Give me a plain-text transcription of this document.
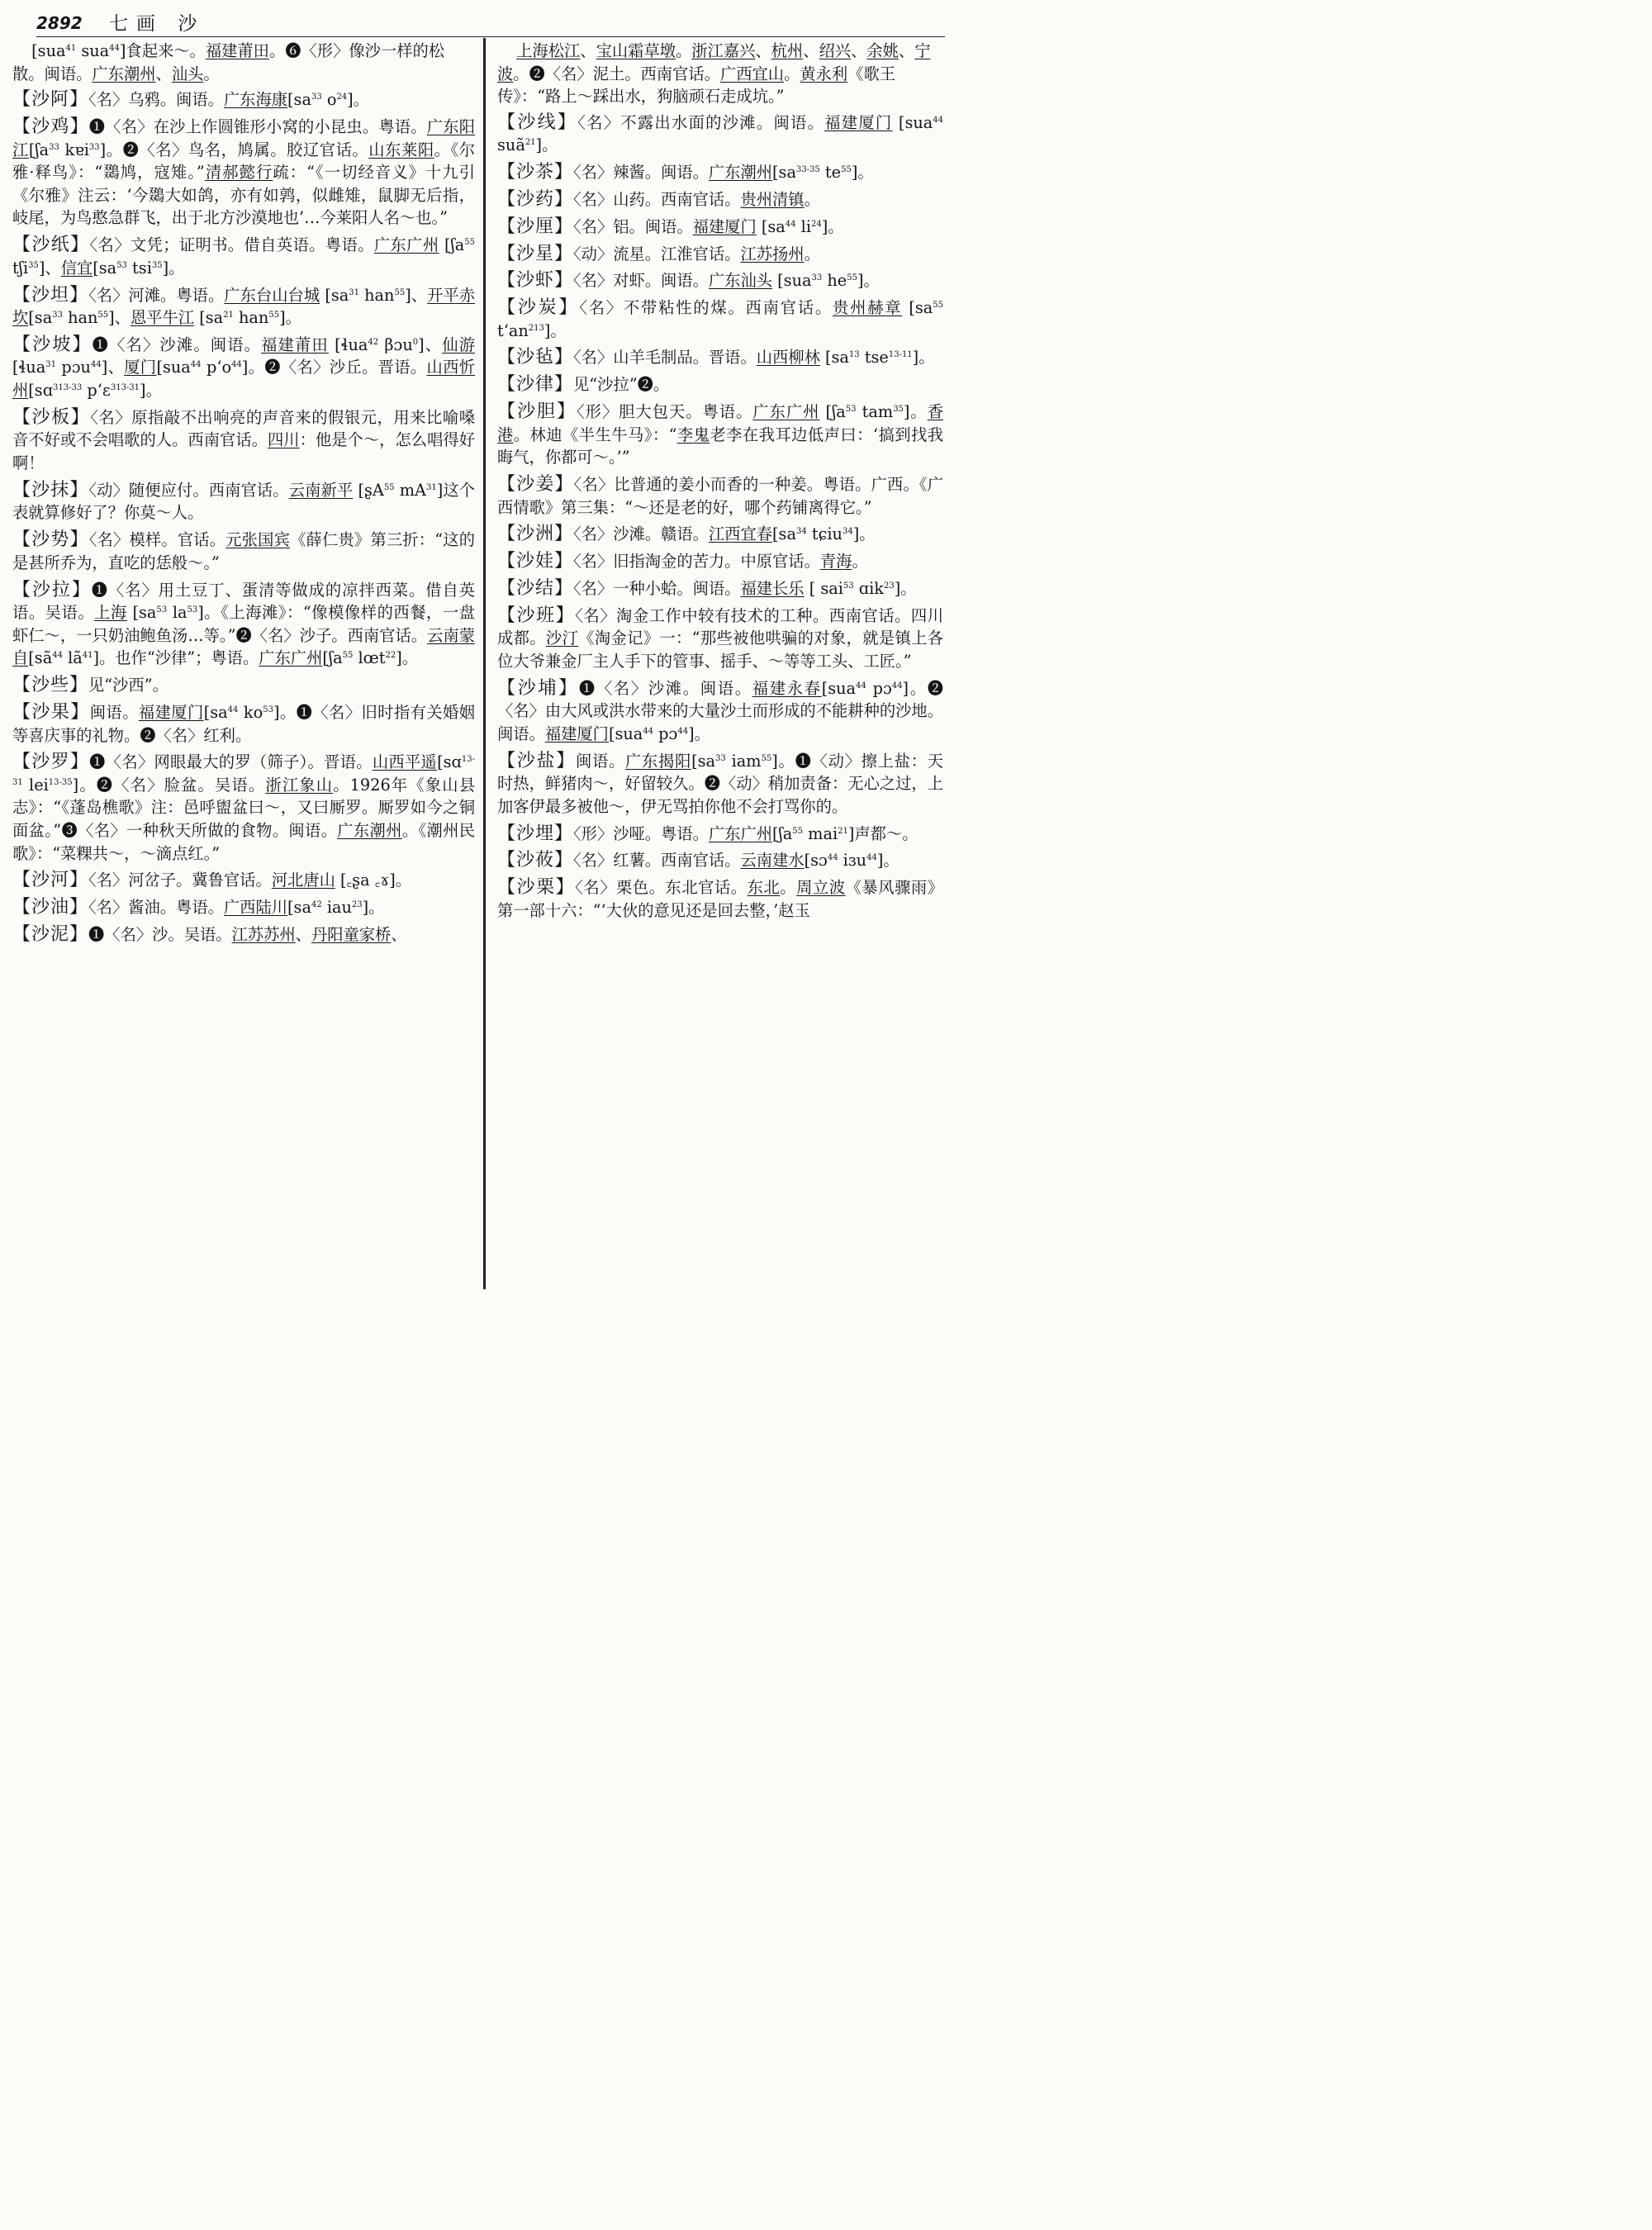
2892 七画 沙

[sua$^{41}$ sua$^{44}$]食起来～。福建莆田。❻〈形〉像沙一样的松散。闽语。广东潮州、汕头。

【沙阿】〈名〉乌鸦。闽语。广东海康[$sa^{33}$ $o^{24}$]。

【沙鸡】❶〈名〉在沙上作圆锥形小窝的小昆虫。粤语。广东阳江[ʃa$^{33}$ kɐi$^{33}$]。❷〈名〉鸟名，鸠属。胶辽官话。山东莱阳。《尔雅·释鸟》：“鵽鸠，寇雉。”清郝懿行疏：“《一切经音义》十九引《尔雅》注云：‘今鵽大如鸽，亦有如鹑，似雌雉，鼠脚无后指，岐尾，为鸟憨急群飞，出于北方沙漠地也’…今莱阳人名～也。”

【沙纸】〈名〉文凭；证明书。借自英语。粤语。广东广州 [ʃa$^{55}$ tʃi$^{35}$]、信宜[$sa^{53}$ tsi$^{35}$]。

【沙坦】〈名〉河滩。粤语。广东台山台城 [$sa^{31}$ han$^{55}$]、开平赤坎[$sa^{33}$ han$^{55}$]、恩平牛江 [$sa^{21}$ han$^{55}$]。

【沙坡】❶〈名〉沙滩。闽语。福建莆田 [ɬua$^{42}$ βɔu$^0$]、仙游[ɬua$^{31}$ pɔu$^{44}$]、厦门[sua$^{44}$ $p‘o^{44}$]。❷〈名〉沙丘。晋语。山西忻州[sɑ$^{313-33}$ p‘ɛ$^{313-31}$]。

【沙板】〈名〉原指敲不出响亮的声音来的假银元，用来比喻嗓音不好或不会唱歌的人。西南官话。四川：他是个～，怎么唱得好啊！

【沙抹】〈动〉随便应付。西南官话。云南新平 [ʂA$^{55}$ $mA^{31}$]这个表就算修好了？你莫～人。

【沙势】〈名〉模样。官话。元张国宾《薛仁贵》第三折：“这的是甚所乔为，直吃的恁般～。”

【沙拉】❶〈名〉用土豆丁、蛋清等做成的凉拌西菜。借自英语。吴语。上海 [$sa^{53}$ $la^{53}$]。《上海滩》：“像模像样的西餐，一盘虾仁～，一只奶油鲍鱼汤…等。”❷〈名〉沙子。西南官话。云南蒙自[$sã^{44}$ $lã^{41}$]。也作“沙律”；粤语。广东广州[ʃa$^{55}$ lœt$^{22}$]。

【沙些】见“沙西”。

【沙果】闽语。福建厦门[$sa^{44}$ $ko^{53}$]。❶〈名〉旧时指有关婚姻等喜庆事的礼物。❷〈名〉红利。

【沙罗】❶〈名〉网眼最大的罗（筛子）。晋语。山西平遥[sɑ$^{13-31}$ lei$^{13-35}$]。❷〈名〉脸盆。吴语。浙江象山。1926年《象山县志》：“《蓬岛樵歌》注：邑呼盥盆曰～，又曰厮罗。厮罗如今之铜面盆。”❸〈名〉一种秋天所做的食物。闽语。广东潮州。《潮州民歌》：“菜粿共～，～滴点红。”

【沙河】〈名〉河岔子。冀鲁官话。河北唐山 [꜀ʂa ꜀ɤ]。

【沙油】〈名〉酱油。粤语。广西陆川[$sa^{42}$ iau$^{23}$]。

【沙泥】❶〈名〉沙。吴语。江苏苏州、丹阳童家桥、

上海松江、宝山霜草墩。浙江嘉兴、杭州、绍兴、余姚、宁波。❷〈名〉泥土。西南官话。广西宜山。黄永利《歌王传》：“路上～踩出水，狗脑顽石走成坑。”

【沙线】〈名〉不露出水面的沙滩。闽语。福建厦门 [sua$^{44}$ suã$^{21}$]。

【沙茶】〈名〉辣酱。闽语。广东潮州[$sa^{33-35}$ $te^{55}$]。

【沙药】〈名〉山药。西南官话。贵州清镇。

【沙厘】〈名〉铝。闽语。福建厦门 [$sa^{44}$ $li^{24}$]。

【沙星】〈动〉流星。江淮官话。江苏扬州。

【沙虾】〈名〉对虾。闽语。广东汕头 [sua$^{33}$ $he^{55}$]。

【沙炭】〈名〉不带粘性的煤。西南官话。贵州赫章 [$sa^{55}$ $t‘an^{213}$]。

【沙毡】〈名〉山羊毛制品。晋语。山西柳林 [$sa^{13}$ tse$^{13-11}$]。

【沙律】见“沙拉”❷。

【沙胆】〈形〉胆大包天。粤语。广东广州 [ʃa$^{53}$ tam$^{35}$]。香港。林迪《半生牛马》：“李鬼老李在我耳边低声曰：‘搞到找我晦气，你都可～。’”

【沙姜】〈名〉比普通的姜小而香的一种姜。粤语。广西。《广西情歌》第三集：“～还是老的好，哪个药铺离得它。”

【沙洲】〈名〉沙滩。赣语。江西宜春[$sa^{34}$ tɕiu$^{34}$]。

【沙娃】〈名〉旧指淘金的苦力。中原官话。青海。

【沙结】〈名〉一种小蛤。闽语。福建长乐 [ sai$^{53}$ ɑik$^{23}$]。

【沙班】〈名〉淘金工作中较有技术的工种。西南官话。四川成都。沙汀《淘金记》一：“那些被他哄骗的对象，就是镇上各位大爷兼金厂主人手下的管事、摇手、～等等工头、工匠。”

【沙埔】❶〈名〉沙滩。闽语。福建永春[sua$^{44}$ pɔ$^{44}$]。❷〈名〉由大风或洪水带来的大量沙土而形成的不能耕种的沙地。闽语。福建厦门[sua$^{44}$ pɔ$^{44}$]。

【沙盐】闽语。广东揭阳[$sa^{33}$ iam$^{55}$]。❶〈动〉擦上盐：天时热，鲜猪肉～，好留较久。❷〈动〉稍加责备：无心之过，上加客伊最多被他～，伊无骂拍你他不会打骂你的。

【沙埋】〈形〉沙哑。粤语。广东广州[ʃa$^{55}$ mai$^{21}$]声都～。

【沙莜】〈名〉红薯。西南官话。云南建水[sɔ$^{44}$ iɜu$^{44}$]。

【沙栗】〈名〉栗色。东北官话。东北。周立波《暴风骤雨》第一部十六：“‘大伙的意见还是回去整，’赵玉
